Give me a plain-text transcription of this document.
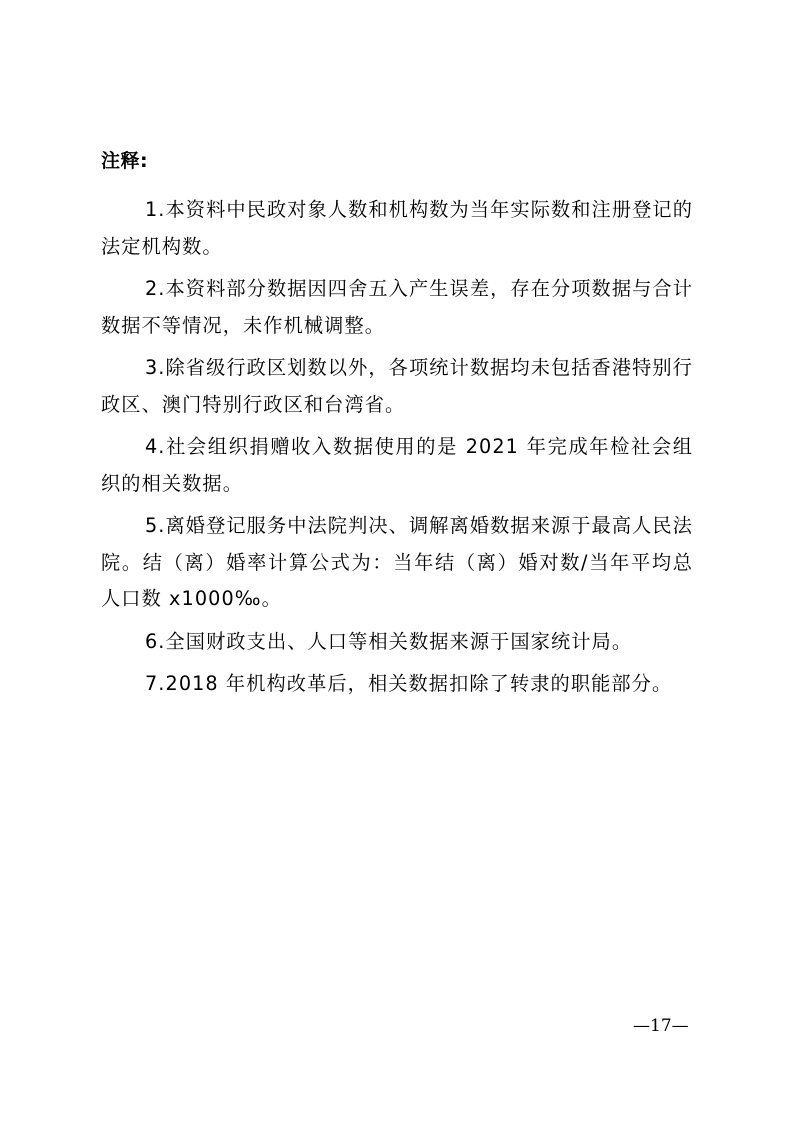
注释:

1.本资料中民政对象人数和机构数为当年实际数和注册登记的法定机构数。

2.本资料部分数据因四舍五入产生误差，存在分项数据与合计数据不等情况，未作机械调整。

3.除省级行政区划数以外，各项统计数据均未包括香港特别行政区、澳门特别行政区和台湾省。

4.社会组织捐赠收入数据使用的是 2021 年完成年检社会组织的相关数据。

5.离婚登记服务中法院判决、调解离婚数据来源于最高人民法院。结（离）婚率计算公式为：当年结（离）婚对数/当年平均总人口数 x1000‰。

6.全国财政支出、人口等相关数据来源于国家统计局。

7.2018 年机构改革后，相关数据扣除了转隶的职能部分。

—17—
